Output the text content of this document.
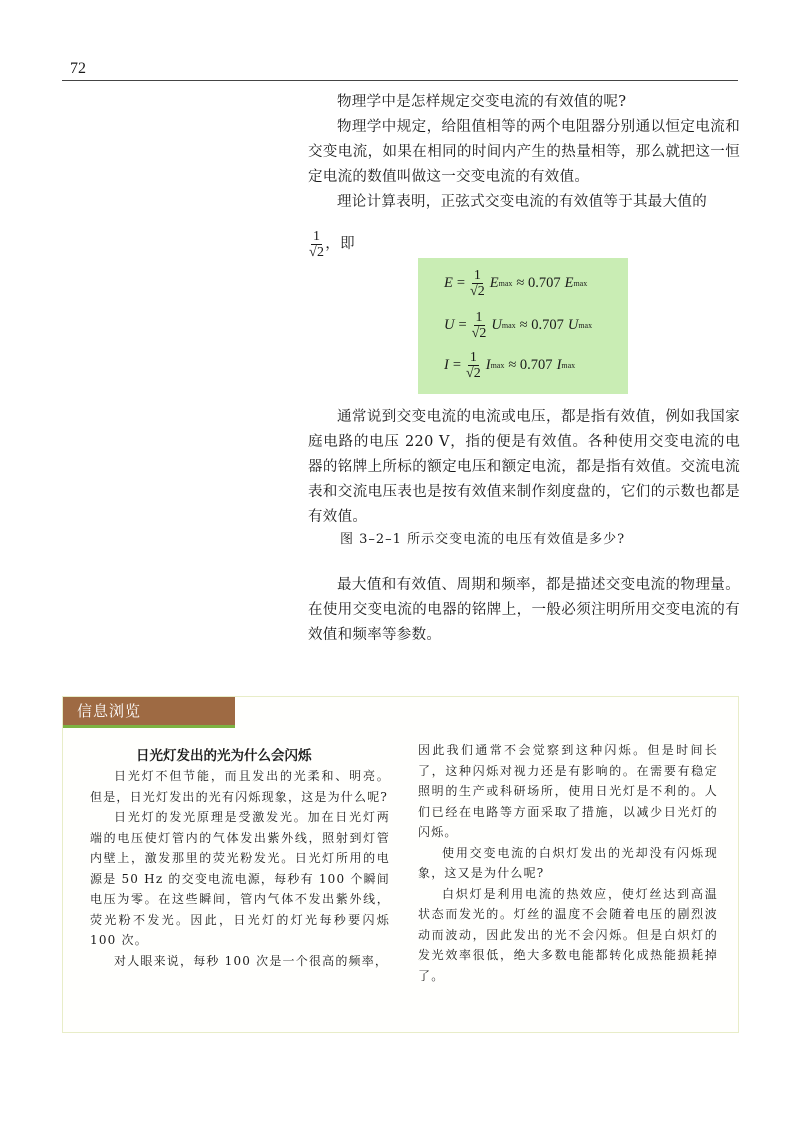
72

物理学中是怎样规定交变电流的有效值的呢?

物理学中规定，给阻值相等的两个电阻器分别通以恒定电流和交变电流，如果在相同的时间内产生的热量相等，那么就把这一恒定电流的数值叫做这一交变电流的有效值。

理论计算表明，正弦式交变电流的有效值等于其最大值的

$\frac{1}{√2}$ ，即
$E = \frac{1}{√2}$ E max ≈ 0.707 E max
$U = \frac{1}{√2}$ U max ≈ 0.707 U max
$I = \frac{1}{√2}$ I max ≈ 0.707 I max

通常说到交变电流的电流或电压，都是指有效值，例如我国家庭电路的电压 220 V，指的便是有效值。各种使用交变电流的电器的铭牌上所标的额定电压和额定电流，都是指有效值。交流电流表和交流电压表也是按有效值来制作刻度盘的，它们的示数也都是有效值。

图 3–2–1 所示交变电流的电压有效值是多少?

最大值和有效值、周期和频率，都是描述交变电流的物理量。在使用交变电流的电器的铭牌上，一般必须注明所用交变电流的有效值和频率等参数。

信息浏览
日光灯发出的光为什么会闪烁

日光灯不但节能，而且发出的光柔和、明亮。但是，日光灯发出的光有闪烁现象，这是为什么呢?

日光灯的发光原理是受激发光。加在日光灯两端的电压使灯管内的气体发出紫外线，照射到灯管内壁上，激发那里的荧光粉发光。日光灯所用的电源是 50 Hz 的交变电流电源，每秒有 100 个瞬间电压为零。在这些瞬间，管内气体不发出紫外线，荧光粉不发光。因此，日光灯的灯光每秒要闪烁 100 次。

对人眼来说，每秒 100 次是一个很高的频率，

因此我们通常不会觉察到这种闪烁。但是时间长了，这种闪烁对视力还是有影响的。在需要有稳定照明的生产或科研场所，使用日光灯是不利的。人们已经在电路等方面采取了措施，以减少日光灯的闪烁。

使用交变电流的白炽灯发出的光却没有闪烁现象，这又是为什么呢?

白炽灯是利用电流的热效应，使灯丝达到高温状态而发光的。灯丝的温度不会随着电压的剧烈波动而波动，因此发出的光不会闪烁。但是白炽灯的发光效率很低，绝大多数电能都转化成热能损耗掉了。
